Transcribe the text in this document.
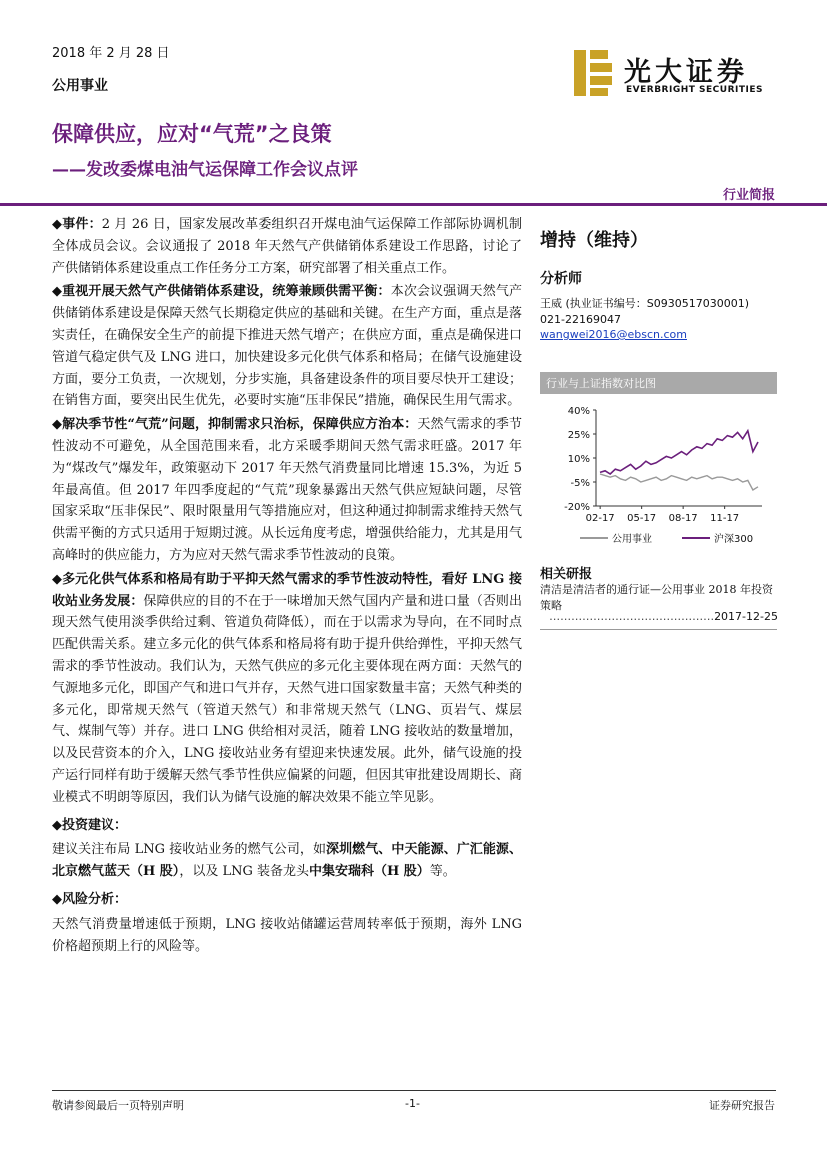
2018 年 2 月 28 日
公用事业	光大证券
EVERBRIGHT SECURITIES
保障供应，应对“气荒”之良策
——发改委煤电油气运保障工作会议点评
行业简报

◆事件：2 月 26 日，国家发展改革委组织召开煤电油气运保障工作部际协调机制全体成员会议。会议通报了 2018 年天然气产供储销体系建设工作思路，讨论了产供储销体系建设重点工作任务分工方案，研究部署了相关重点工作。

◆重视开展天然气产供储销体系建设，统筹兼顾供需平衡：本次会议强调天然气产供储销体系建设是保障天然气长期稳定供应的基础和关键。在生产方面，重点是落实责任，在确保安全生产的前提下推进天然气增产；在供应方面，重点是确保进口管道气稳定供气及 LNG 进口，加快建设多元化供气体系和格局；在储气设施建设方面，要分工负责，一次规划，分步实施，具备建设条件的项目要尽快开工建设；在销售方面，要突出民生优先，必要时实施“压非保民”措施，确保民生用气需求。

◆解决季节性“气荒”问题，抑制需求只治标，保障供应方治本：天然气需求的季节性波动不可避免，从全国范围来看，北方采暖季期间天然气需求旺盛。2017 年为“煤改气”爆发年，政策驱动下 2017 年天然气消费量同比增速 15.3%，为近 5 年最高值。但 2017 年四季度起的“气荒”现象暴露出天然气供应短缺问题，尽管国家采取“压非保民”、限时限量用气等措施应对，但这种通过抑制需求维持天然气供需平衡的方式只适用于短期过渡。从长远角度考虑，增强供给能力，尤其是用气高峰时的供应能力，方为应对天然气需求季节性波动的良策。

◆多元化供气体系和格局有助于平抑天然气需求的季节性波动特性，看好 LNG 接收站业务发展：保障供应的目的不在于一味增加天然气国内产量和进口量（否则出现天然气使用淡季供给过剩、管道负荷降低），而在于以需求为导向，在不同时点匹配供需关系。建立多元化的供气体系和格局将有助于提升供给弹性，平抑天然气需求的季节性波动。我们认为，天然气供应的多元化主要体现在两方面：天然气的气源地多元化，即国产气和进口气并存，天然气进口国家数量丰富；天然气种类的多元化，即常规天然气（管道天然气）和非常规天然气（LNG、页岩气、煤层气、煤制气等）并存。进口 LNG 供给相对灵活，随着 LNG 接收站的数量增加，以及民营资本的介入，LNG 接收站业务有望迎来快速发展。此外，储气设施的投产运行同样有助于缓解天然气季节性供应偏紧的问题，但因其审批建设周期长、商业模式不明朗等原因，我们认为储气设施的解决效果不能立竿见影。

◆投资建议：

建议关注布局 LNG 接收站业务的燃气公司，如深圳燃气、中天能源、广汇能源、北京燃气蓝天（H 股），以及 LNG 装备龙头中集安瑞科（H 股）等。

◆风险分析：

天然气消费量增速低于预期，LNG 接收站储罐运营周转率低于预期，海外 LNG 价格超预期上行的风险等。

增持（维持）
分析师
王威 (执业证书编号：S0930517030001)
021-22169047
wangwei2016@ebscn.com
行业与上证指数对比图
40%
25%
10%
-5%
-20%
02-17 05-17 08-17 11-17
公用事业	沪深300
相关研报
清洁是清洁者的通行证—公用事业 2018 年投资策略
………………………………………2017-12-25
敬请参阅最后一页特别声明	-1-	证券研究报告
